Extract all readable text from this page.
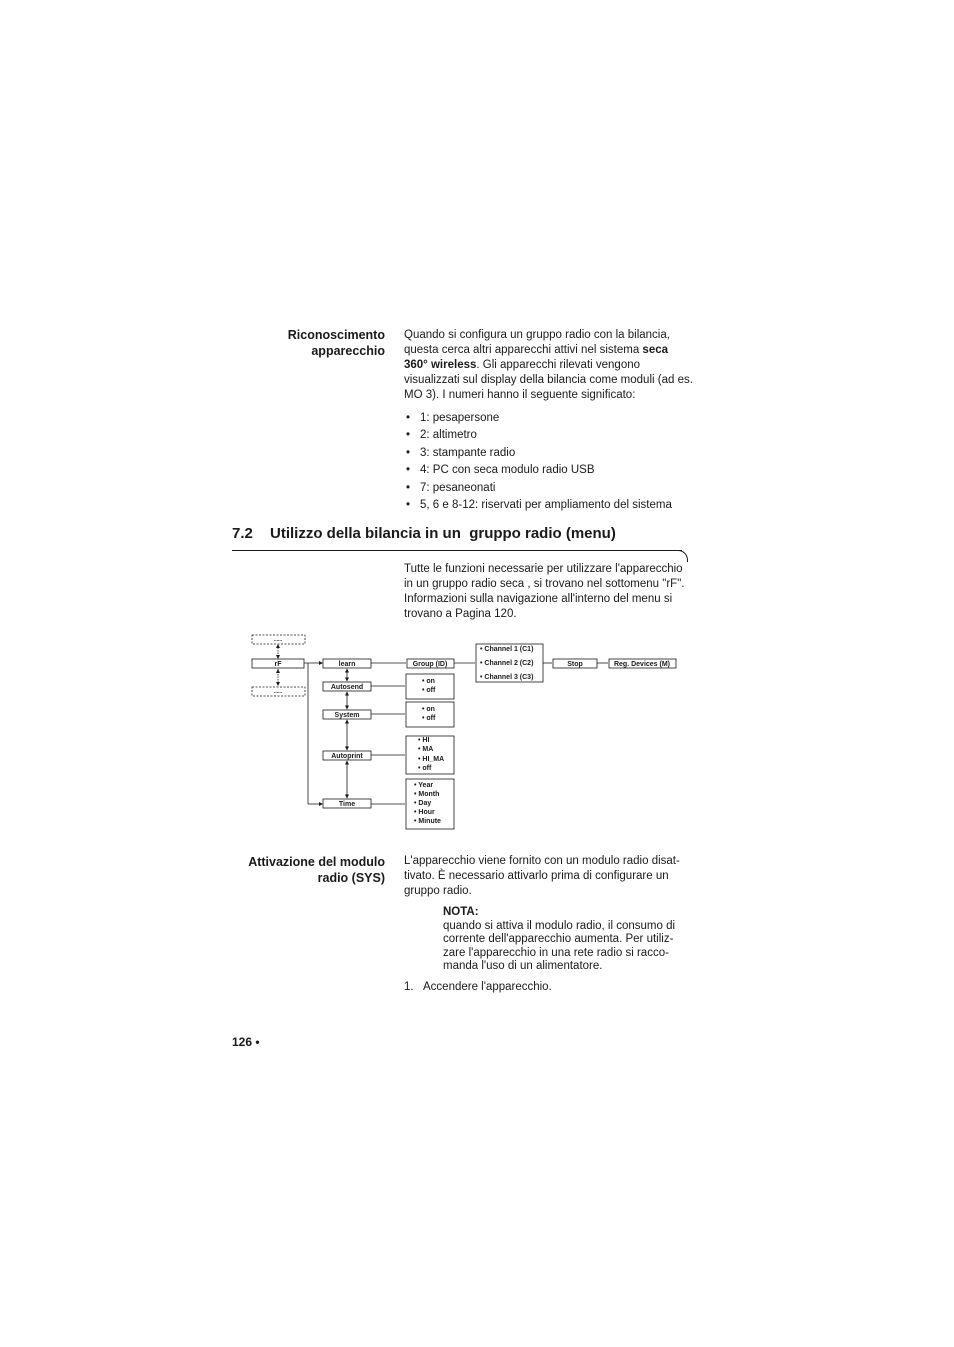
Riconoscimento
apparecchio

Quando si configura un gruppo radio con la bilancia, questa cerca altri apparecchi attivi nel sistema seca 360° wireless. Gli apparecchi rilevati vengono visualizzati sul display della bilancia come moduli (ad es. MO 3). I numeri hanno il seguente significato:

• 1: pesapersone
• 2: altimetro
• 3: stampante radio
• 4: PC con seca modulo radio USB
• 7: pesaneonati
• 5, 6 e 8-12: riservati per ampliamento del sistema
7.2 Utilizzo della bilancia in un  gruppo radio (menu)

Tutte le funzioni necessarie per utilizzare l'apparecchio in un gruppo radio seca , si trovano nel sottomenu "rF". Informazioni sulla navigazione all'interno del menu si trovano a Pagina 120.

......
......
rF	learn
Autosend
System
Autoprint
Time
Group (ID)	Stop	Reg. Devices (M)
• Channel 1 (C1)
• Channel 2 (C2)
• Channel 3 (C3)
• on
• off
• on
• off
• HI
• MA
• HI_MA
• off
• Year
• Month
• Day
• Hour
• Minute
Attivazione del modulo
radio (SYS)

L'apparecchio viene fornito con un modulo radio disat-tivato. È necessario attivarlo prima di configurare un gruppo radio.

NOTA:
quando si attiva il modulo radio, il consumo di corrente dell'apparecchio aumenta. Per utiliz-zare l'apparecchio in una rete radio si racco-manda l'uso di un alimentatore.
1. Accendere l'apparecchio.
126 •
